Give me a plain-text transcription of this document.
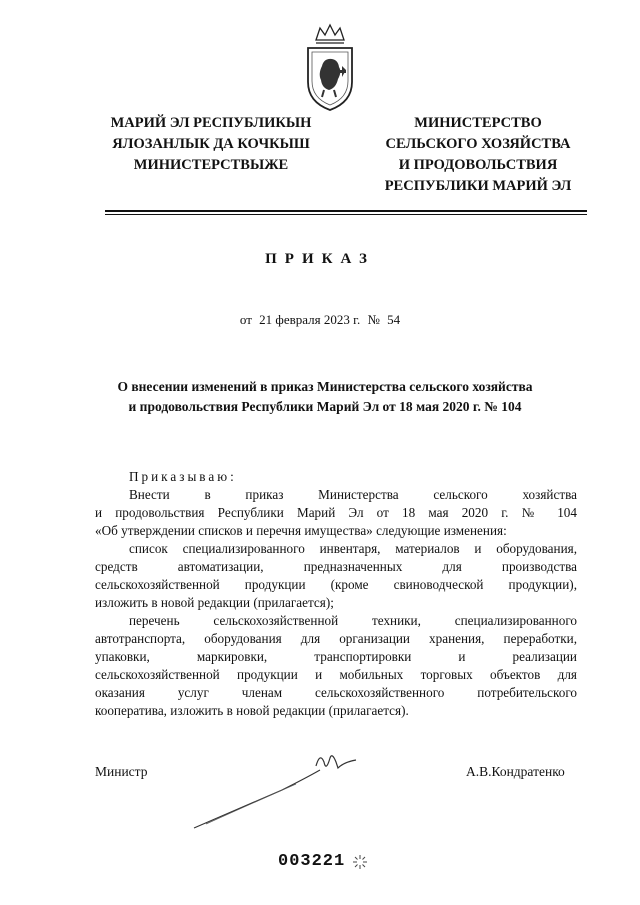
МАРИЙ ЭЛ РЕСПУБЛИКЫН
ЯЛОЗАНЛЫК ДА КОЧКЫШ
МИНИСТЕРСТВЫЖЕ
МИНИСТЕРСТВО
СЕЛЬСКОГО ХОЗЯЙСТВА
И ПРОДОВОЛЬСТВИЯ
РЕСПУБЛИКИ МАРИЙ ЭЛ
ПРИКАЗ
от 21 февраля 2023 г. № 54
О внесении изменений в приказ Министерства сельского хозяйства
и продовольствия Республики Марий Эл от 18 мая 2020 г. № 104
Приказываю:
Внести в приказ Министерства сельского хозяйства
и продовольствия Республики Марий Эл от 18 мая 2020 г. № 104
«Об утверждении списков и перечня имущества» следующие изменения:
список специализированного инвентаря, материалов и оборудования,
средств автоматизации, предназначенных для производства
сельскохозяйственной продукции (кроме свиноводческой продукции),
изложить в новой редакции (прилагается);
перечень сельскохозяйственной техники, специализированного
автотранспорта, оборудования для организации хранения, переработки,
упаковки, маркировки, транспортировки и реализации
сельскохозяйственной продукции и мобильных торговых объектов для
оказания услуг членам сельскохозяйственного потребительского
кооператива, изложить в новой редакции (прилагается).
Министр	А.В.Кондратенко
003221
